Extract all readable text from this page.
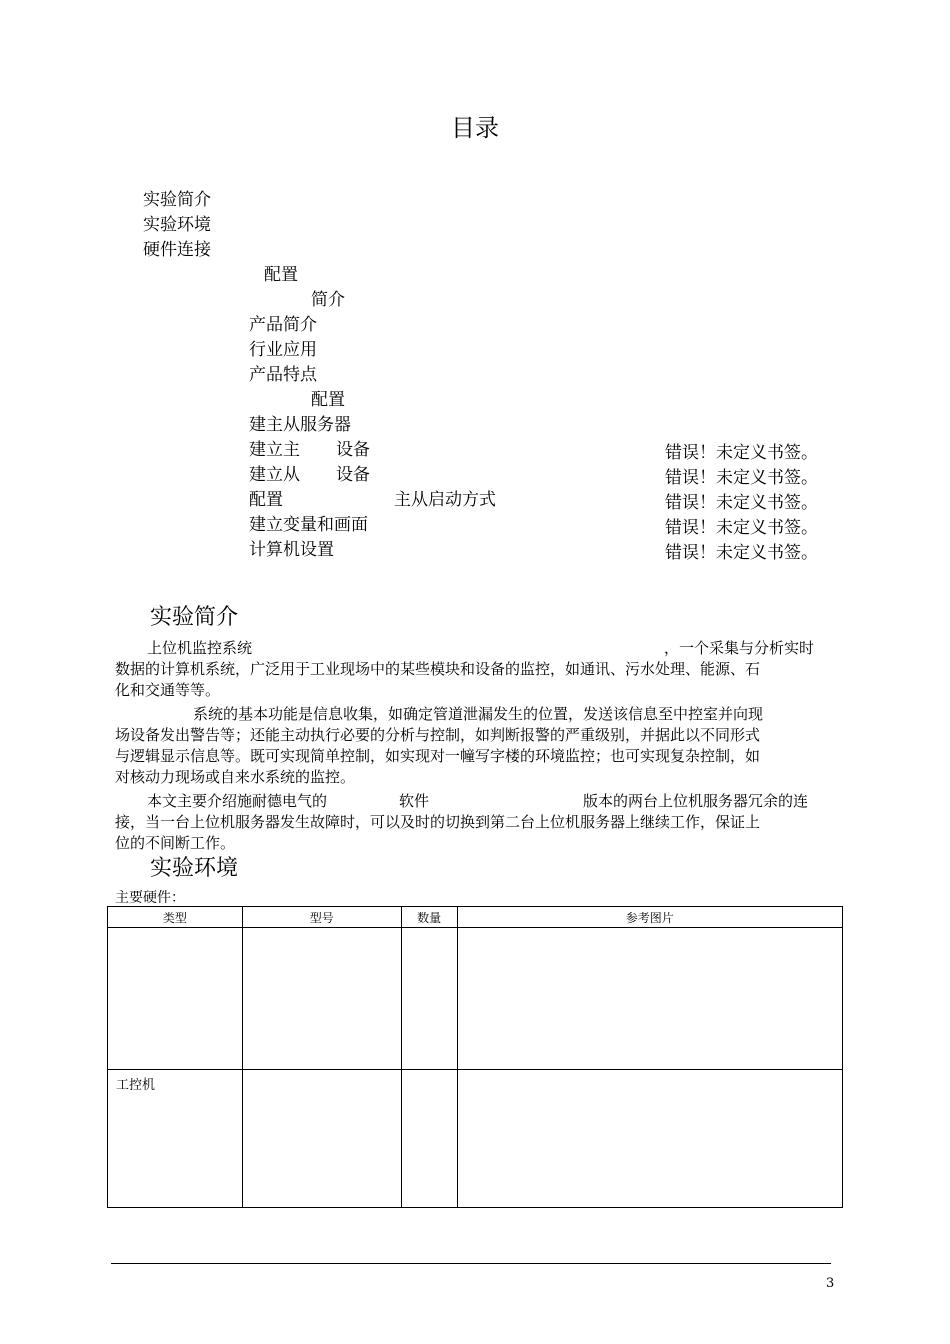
目录
实验简介
实验环境
硬件连接
配置
简介
产品简介
行业应用
产品特点
配置
建主从服务器
建立主 设备	错误！未定义书签。
建立从 设备	错误！未定义书签。
配置	主从启动方式	错误！未定义书签。
建立变量和画面	错误！未定义书签。
计算机设置	错误！未定义书签。
实验简介
上位机监控系统	，一个采集与分析实时
数据的计算机系统，广泛用于工业现场中的某些模块和设备的监控，如通讯、污水处理、能源、石
化和交通等等。
系统的基本功能是信息收集，如确定管道泄漏发生的位置，发送该信息至中控室并向现
场设备发出警告等；还能主动执行必要的分析与控制，如判断报警的严重级别，并据此以不同形式
与逻辑显示信息等。既可实现简单控制，如实现对一幢写字楼的环境监控；也可实现复杂控制，如
对核动力现场或自来水系统的监控。
本文主要介绍施耐德电气的	软件	版本的两台上位机服务器冗余的连
接，当一台上位机服务器发生故障时，可以及时的切换到第二台上位机服务器上继续工作，保证上
位的不间断工作。
实验环境
主要硬件：
类型	型号	数量	参考图片

工控机			

3
